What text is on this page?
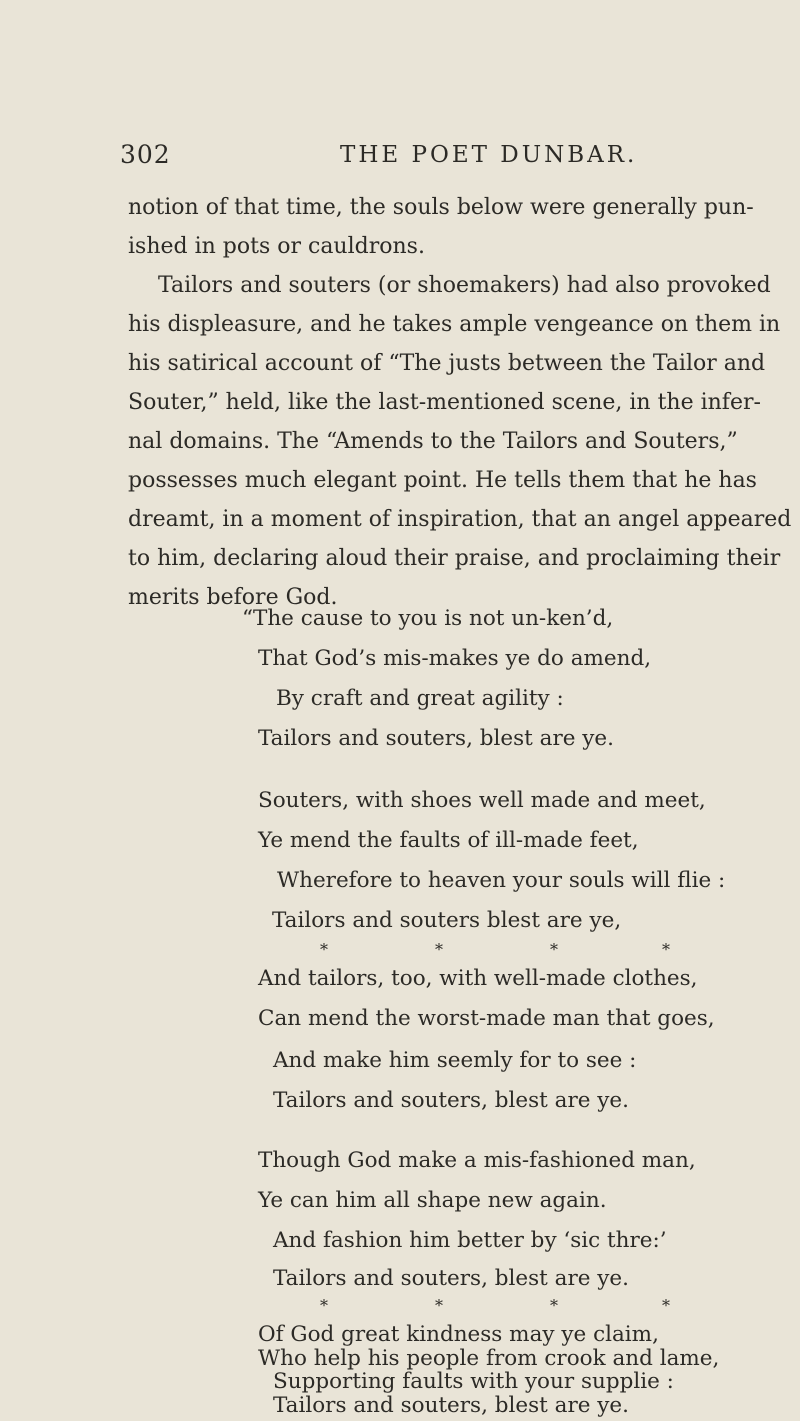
302	THE POET DUNBAR.
notion of that time, the souls below were generally pun-
ished in pots or cauldrons.
Tailors and souters (or shoemakers) had also provoked
his displeasure, and he takes ample vengeance on them in
his satirical account of “The justs between the Tailor and
Souter,” held, like the last-mentioned scene, in the infer-
nal domains. The “Amends to the Tailors and Souters,”
possesses much elegant point. He tells them that he has
dreamt, in a moment of inspiration, that an angel appeared
to him, declaring aloud their praise, and proclaiming their
merits before God.

“The cause to you is not un-ken’d,

That God’s mis-makes ye do amend,

By craft and great agility :

Tailors and souters, blest are ye.

Souters, with shoes well made and meet,

Ye mend the faults of ill-made feet,

Wherefore to heaven your souls will flie :

Tailors and souters blest are ye,

*	*	*	*

And tailors, too, with well-made clothes,

Can mend the worst-made man that goes,

And make him seemly for to see :

Tailors and souters, blest are ye.

Though God make a mis-fashioned man,

Ye can him all shape new again.

And fashion him better by ‘sic thre:’

Tailors and souters, blest are ye.

*	*	*	*

Of God great kindness may ye claim,

Who help his people from crook and lame,

Supporting faults with your supplie :

Tailors and souters, blest are ye.
